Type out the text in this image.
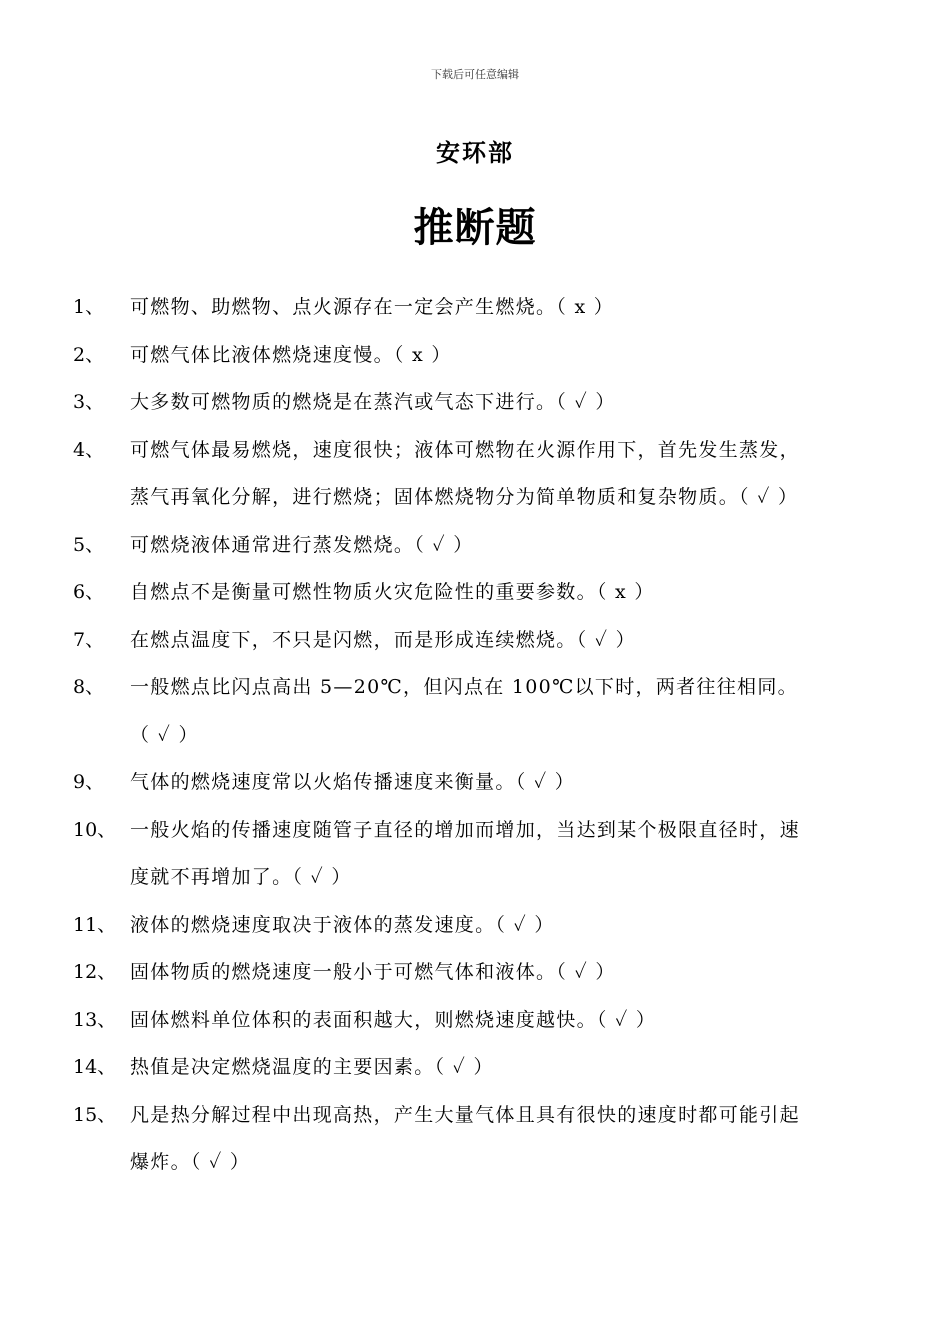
下载后可任意编辑
安环部
推断题
1、 可燃物、助燃物、点火源存在一定会产生燃烧。（ x ）
2、 可燃气体比液体燃烧速度慢。（ x ）
3、 大多数可燃物质的燃烧是在蒸汽或气态下进行。（ ✓ ）
4、 可燃气体最易燃烧，速度很快；液体可燃物在火源作用下，首先发生蒸发，
蒸气再氧化分解，进行燃烧；固体燃烧物分为简单物质和复杂物质。（ ✓ ）
5、 可燃烧液体通常进行蒸发燃烧。（ ✓ ）
6、 自燃点不是衡量可燃性物质火灾危险性的重要参数。（ x ）
7、 在燃点温度下，不只是闪燃，而是形成连续燃烧。（ ✓ ）
8、 一般燃点比闪点高出 5—20℃，但闪点在 100℃以下时，两者往往相同。
（ ✓ ）
9、 气体的燃烧速度常以火焰传播速度来衡量。（ ✓ ）
10、 一般火焰的传播速度随管子直径的增加而增加，当达到某个极限直径时，速
度就不再增加了。（ ✓ ）
11、 液体的燃烧速度取决于液体的蒸发速度。（ ✓ ）
12、 固体物质的燃烧速度一般小于可燃气体和液体。（ ✓ ）
13、 固体燃料单位体积的表面积越大，则燃烧速度越快。（ ✓ ）
14、 热值是决定燃烧温度的主要因素。（ ✓ ）
15、 凡是热分解过程中出现高热，产生大量气体且具有很快的速度时都可能引起
爆炸。（ ✓ ）
